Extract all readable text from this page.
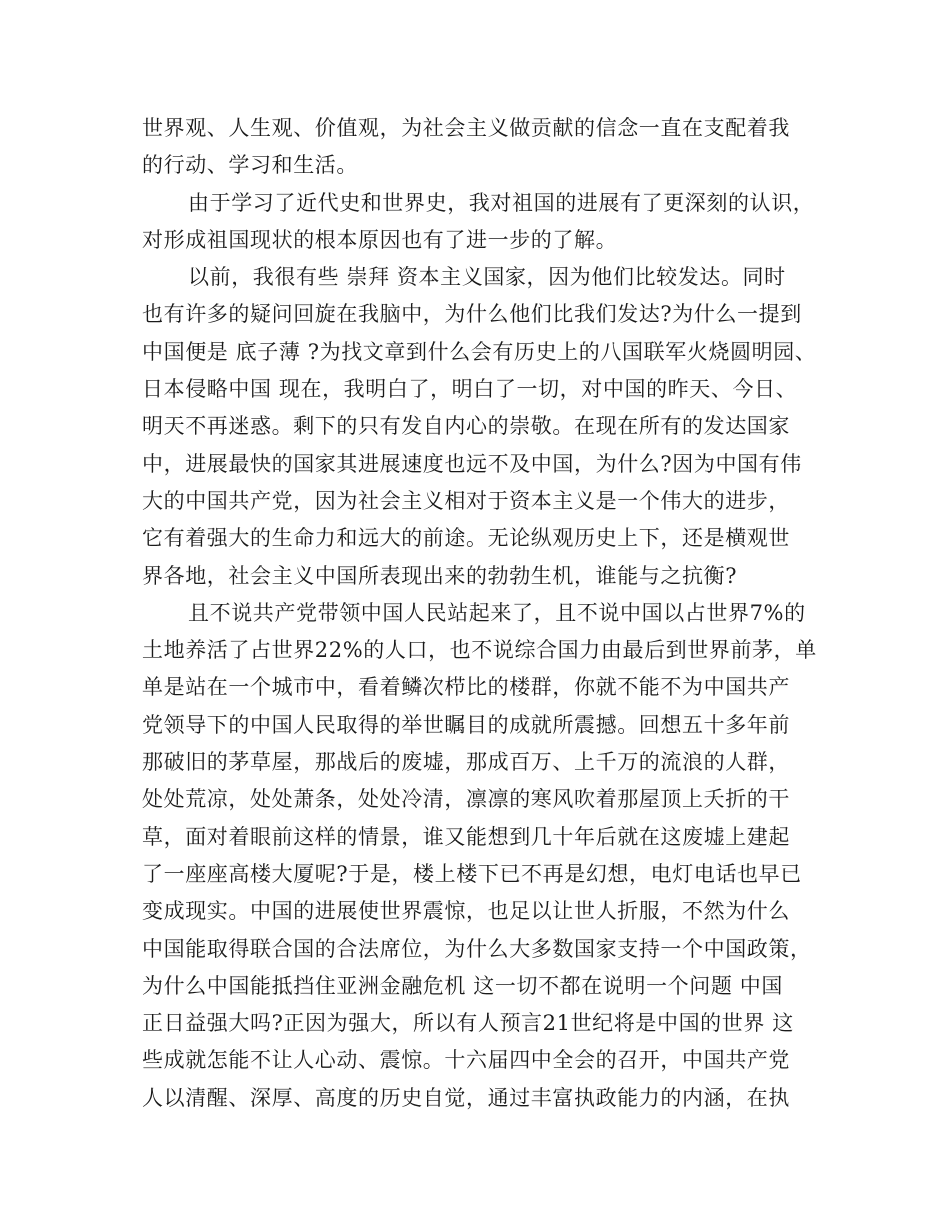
世界观、人生观、价值观，为社会主义做贡献的信念一直在支配着我
的行动、学习和生活。
由于学习了近代史和世界史，我对祖国的进展有了更深刻的认识，
对形成祖国现状的根本原因也有了进一步的了解。
以前，我很有些 崇拜 资本主义国家，因为他们比较发达。同时
也有许多的疑问回旋在我脑中，为什么他们比我们发达?为什么一提到
中国便是 底子薄 ?为找文章到什么会有历史上的八国联军火烧圆明园、
日本侵略中国 现在，我明白了，明白了一切，对中国的昨天、今日、
明天不再迷惑。剩下的只有发自内心的崇敬。在现在所有的发达国家
中，进展最快的国家其进展速度也远不及中国，为什么?因为中国有伟
大的中国共产党，因为社会主义相对于资本主义是一个伟大的进步，
它有着强大的生命力和远大的前途。无论纵观历史上下，还是横观世
界各地，社会主义中国所表现出来的勃勃生机，谁能与之抗衡?
且不说共产党带领中国人民站起来了，且不说中国以占世界7%的
土地养活了占世界22%的人口，也不说综合国力由最后到世界前茅，单
单是站在一个城市中，看着鳞次栉比的楼群，你就不能不为中国共产
党领导下的中国人民取得的举世瞩目的成就所震撼。回想五十多年前
那破旧的茅草屋，那战后的废墟，那成百万、上千万的流浪的人群，
处处荒凉，处处萧条，处处冷清，凛凛的寒风吹着那屋顶上夭折的干
草，面对着眼前这样的情景，谁又能想到几十年后就在这废墟上建起
了一座座高楼大厦呢?于是，楼上楼下已不再是幻想，电灯电话也早已
变成现实。中国的进展使世界震惊，也足以让世人折服，不然为什么
中国能取得联合国的合法席位，为什么大多数国家支持一个中国政策，
为什么中国能抵挡住亚洲金融危机 这一切不都在说明一个问题 中国
正日益强大吗?正因为强大，所以有人预言21世纪将是中国的世界 这
些成就怎能不让人心动、震惊。十六届四中全会的召开，中国共产党
人以清醒、深厚、高度的历史自觉，通过丰富执政能力的内涵，在执
